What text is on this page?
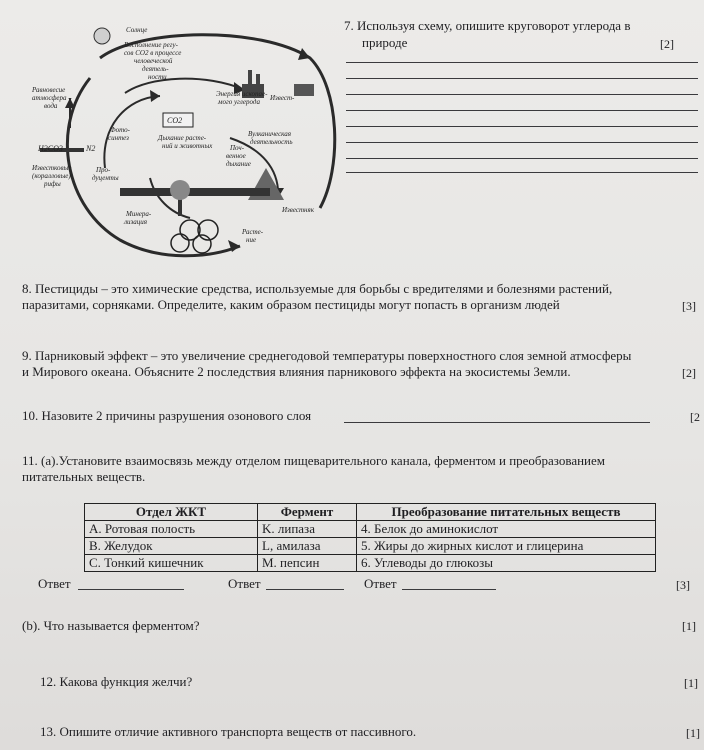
Солнце
Восполнение регу-
сов CO2 в процессе
человеческой
деятель-
ности
Энергия ископае-
мого углерода Извест-
Равновесие
атмосфера –
вода
CO2
Дыхание расте-
ний и животных
Вулканическая
деятельность
Фото-
синтез
H2CO3	N2	Поч-
венное
дыхание
Известковые
(коралловые)
рифы
Про-
дуценты
Известняк
Минера-
лизация
Расте-
ние
7. Используя схему, опишите круговорот углерода в
природе	[2]
8. Пестициды – это химические средства, используемые для борьбы с вредителями и болезнями растений,
паразитами, сорняками. Определите, каким образом пестициды могут попасть в организм людей	[3]
9. Парниковый эффект – это увеличение среднегодовой температуры поверхностного слоя земной атмосферы
и Мирового океана. Объясните 2 последствия влияния парникового эффекта на экосистемы Земли.	[2]
10. Назовите 2 причины разрушения озонового слоя	[2
11. (а).Установите взаимосвязь между отделом пищеварительного канала, ферментом и преобразованием
питательных веществ.
Отдел ЖКТ	Фермент	Преобразование питательных веществ
А. Ротовая полость	K. липаза	4. Белок до аминокислот
В. Желудок	L, амилаза	5. Жиры до жирных кислот и глицерина
С. Тонкий кишечник	M. пепсин	6. Углеводы до глюкозы
Ответ	Ответ	Ответ	[3]
(b). Что называется ферментом?	[1]
12. Какова функция желчи?	[1]
13. Опишите отличие активного транспорта веществ от пассивного.	[1]
